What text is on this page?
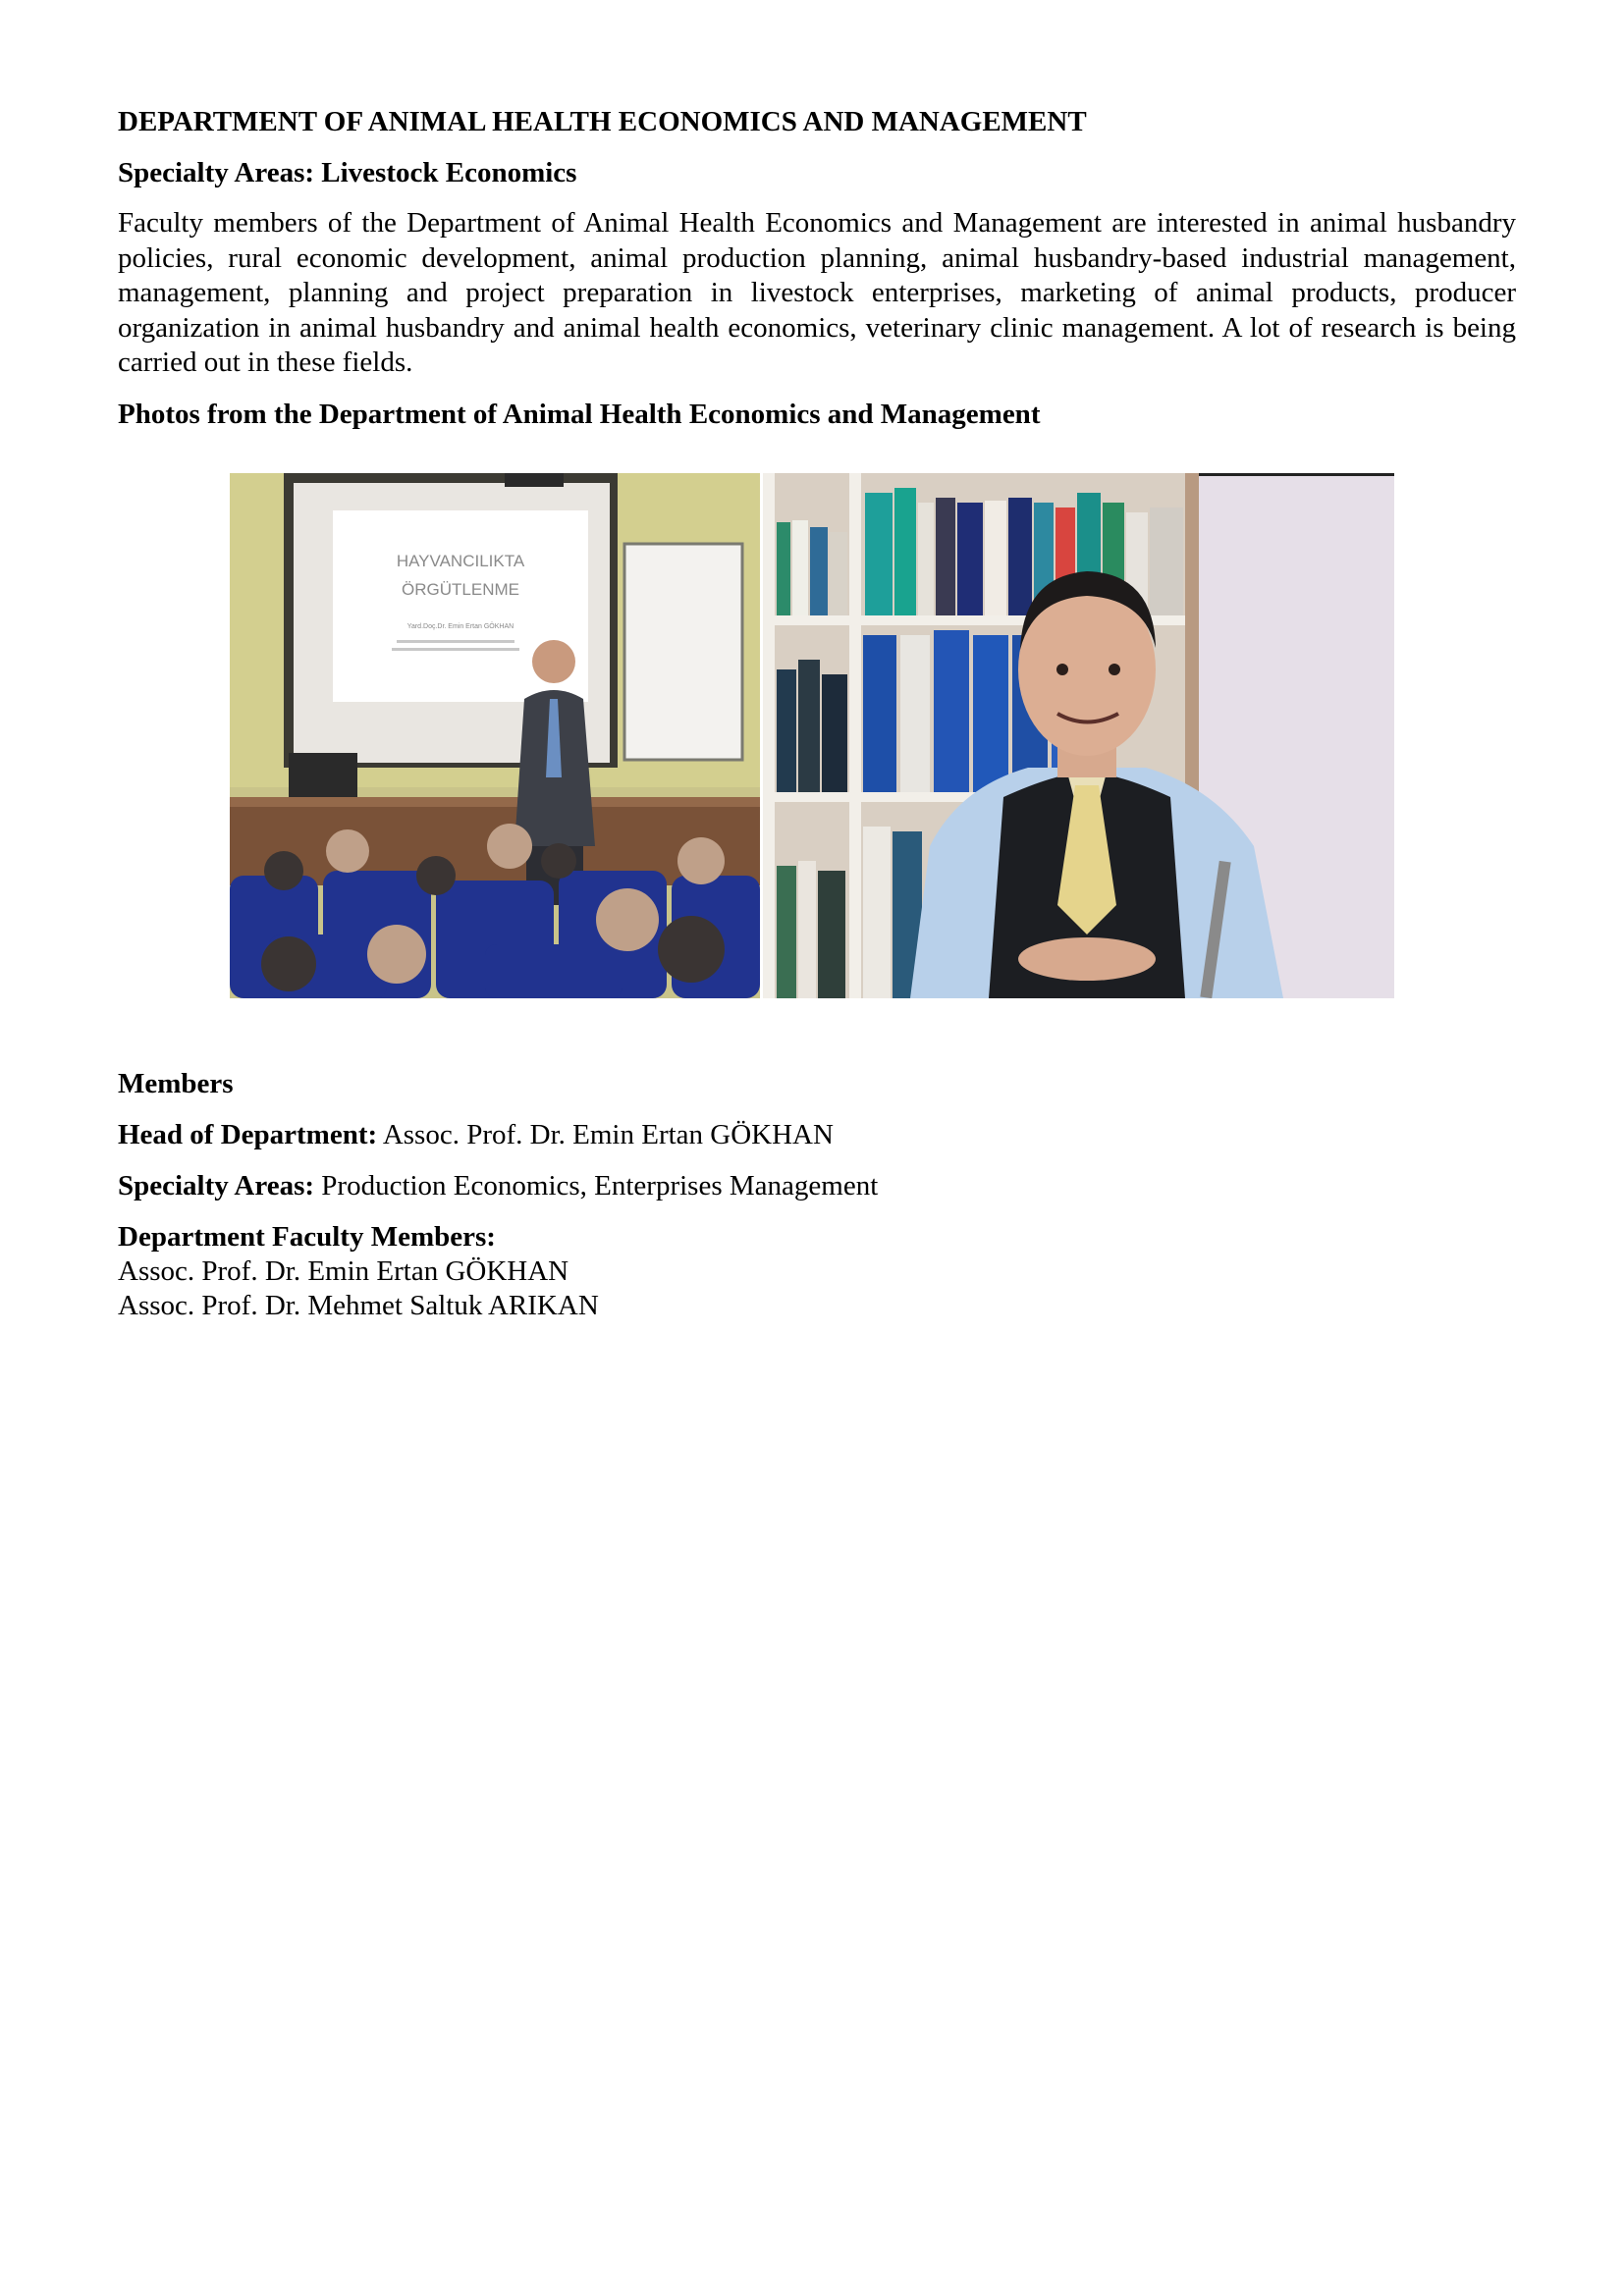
DEPARTMENT OF ANIMAL HEALTH ECONOMICS AND MANAGEMENT

Specialty Areas: Livestock Economics

Faculty members of the Department of Animal Health Economics and Management are interested in animal husbandry policies, rural economic development, animal production planning, animal husbandry-based industrial management, management, planning and project preparation in livestock enterprises, marketing of animal products, producer organization in animal husbandry and animal health economics, veterinary clinic management. A lot of research is being carried out in these fields.

Photos from the Department of Animal Health Economics and Management

HAYVANCILIKTA
ÖRGÜTLENME
Yard.Doç.Dr. Emin Ertan GÖKHAN

Members

Head of Department: Assoc. Prof. Dr. Emin Ertan GÖKHAN

Specialty Areas: Production Economics, Enterprises Management

Department Faculty Members:

Assoc. Prof. Dr. Emin Ertan GÖKHAN
Assoc. Prof. Dr. Mehmet Saltuk ARIKAN
